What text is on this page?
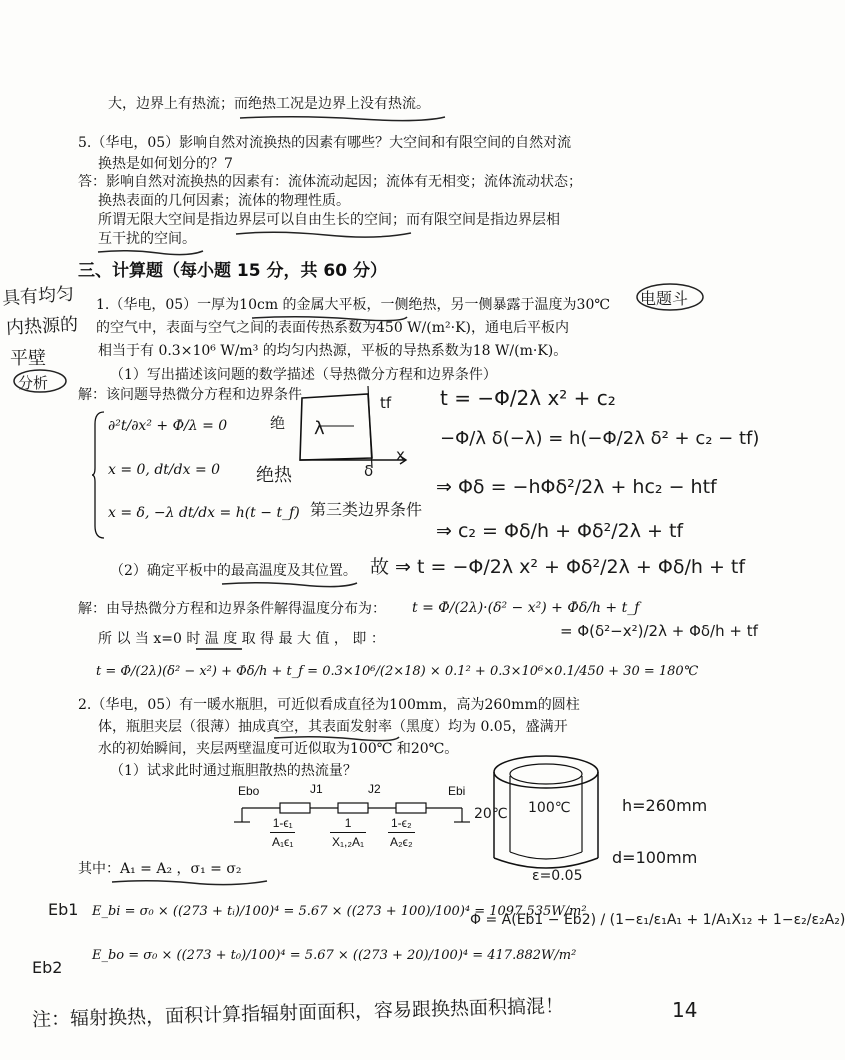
大，边界上有热流；而绝热工况是边界上没有热流。
5.（华电，05）影响自然对流换热的因素有哪些？大空间和有限空间的自然对流
换热是如何划分的？7
答：影响自然对流换热的因素有：流体流动起因；流体有无相变；流体流动状态；
换热表面的几何因素；流体的物理性质。
所谓无限大空间是指边界层可以自由生长的空间；而有限空间是指边界层相
互干扰的空间。
三、计算题（每小题 15 分，共 60 分）
具有均匀
内热源的
平壁
分析
1.（华电，05）一厚为10cm 的金属大平板，一侧绝热，另一侧暴露于温度为30℃ 电题斗
的空气中，表面与空气之间的表面传热系数为450 W/(m²·K)，通电后平板内
相当于有 0.3×10⁶ W/m³ 的均匀内热源，平板的导热系数为18 W/(m·K)。
（1）写出描述该问题的数学描述（导热微分方程和边界条件）
解：该问题导热微分方程和边界条件
∂²t/∂x² + Φ̇/λ = 0
x = 0, dt/dx = 0
x = δ, −λ dt/dx = h(t − t_f)
绝热
第三类边界条件
λ
x
绝
tf
δ
t = −Φ/2λ x² + c₂
−Φ/λ δ(−λ) = h(−Φ/2λ δ² + c₂ − tf)
⇒ Φδ = −hΦδ²/2λ + hc₂ − htf
⇒ c₂ = Φδ/h + Φδ²/2λ + tf
（2）确定平板中的最高温度及其位置。 故 ⇒ t = −Φ/2λ x² + Φδ²/2λ + Φδ/h + tf
解：由导热微分方程和边界条件解得温度分布为： t = Φ̇/(2λ)·(δ² − x²) + Φ̇δ/h + t_f
= Φ(δ²−x²)/2λ + Φδ/h + tf
所 以 当 x=0 时 温 度 取 得 最 大 值 ， 即 ：
t = Φ̇/(2λ)(δ² − x²) + Φ̇δ/h + t_f = 0.3×10⁶/(2×18) × 0.1² + 0.3×10⁶×0.1/450 + 30 = 180℃
2.（华电，05）有一暖水瓶胆，可近似看成直径为100mm，高为260mm的圆柱
体，瓶胆夹层（很薄）抽成真空，其表面发射率（黑度）均为 0.05，盛满开
水的初始瞬间，夹层两壁温度可近似取为100℃ 和20℃。
（1）试求此时通过瓶胆散热的热流量？
Ebo	J1	J2	Ebi
$\frac{\text{1-ϵ₁}}{\text{A₁ϵ₁}}$	$\frac{1}{\text{X₁,₂A₁}} \frac{\text{1-ϵ₂}}{\text{A₂ϵ₂}}$	20℃ 100℃	h=260mm
d=100mm
ε=0.05
其中：A₁ = A₂ ，σ₁ = σ₂
Eb1 E_bi = σ₀ × ((273 + tᵢ)/100)⁴ = 5.67 × ((273 + 100)/100)⁴ = 1097.535W/m²
Eb2
E_bo = σ₀ × ((273 + t₀)/100)⁴ = 5.67 × ((273 + 20)/100)⁴ = 417.882W/m²
Φ = A(Eb1 − Eb2) / (1−ε₁/ε₁A₁ + 1/A₁X₁₂ + 1−ε₂/ε₂A₂)
注：辐射换热，面积计算指辐射面面积，容易跟换热面积搞混！	14
